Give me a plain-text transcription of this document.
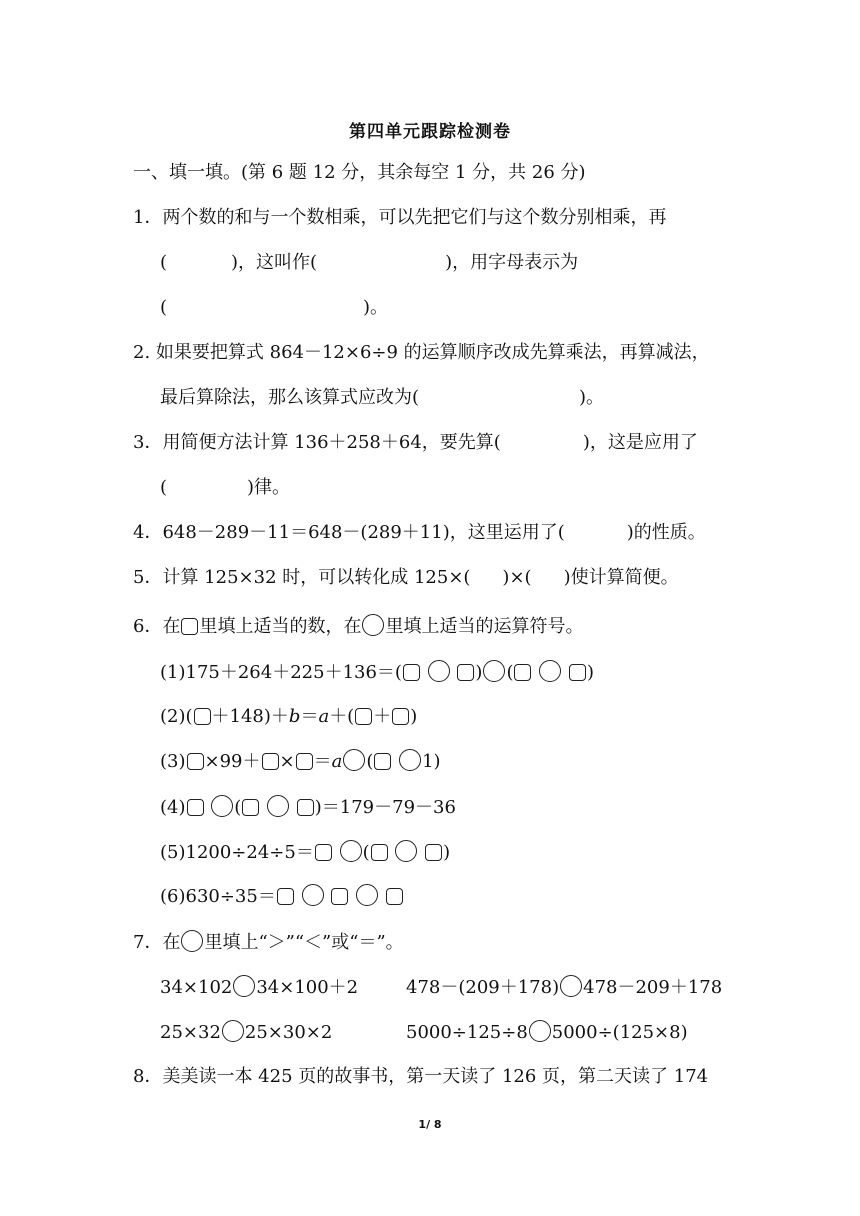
第四单元跟踪检测卷
一、填一填。(第 6 题 12 分，其余每空 1 分，共 26 分)
1．两个数的和与一个数相乘，可以先把它们与这个数分别相乘，再
(	)，这叫作(	)，用字母表示为
(	)。
2. 如果要把算式 864－12×6÷9 的运算顺序改成先算乘法，再算减法，
最后算除法，那么该算式应改为(	)。
3．用简便方法计算 136＋258＋64，要先算(	)，这是应用了
(	)律。
4．648－289－11＝648－(289＋11)，这里运用了(	)的性质。
5．计算 125×32 时，可以转化成 125×( )×( )使计算简便。
6．在 里填上适当的数，在 里填上适当的运算符号。
(1)175＋264＋225＋136＝(	) (	)
(2)( ＋148)＋b＝a＋( ＋ )
(3) ×99＋ × ＝a (	1)
(4)	(	)＝179－79－36
(5)1200÷24÷5＝	(	)
(6)630÷35＝
7．在 里填上“＞”“＜”或“＝”。
34×102 34×100＋2	478－(209＋178) 478－209＋178
25×32 25×30×2	5000÷125÷8 5000÷(125×8)
8．美美读一本 425 页的故事书，第一天读了 126 页，第二天读了 174
1/ 8
